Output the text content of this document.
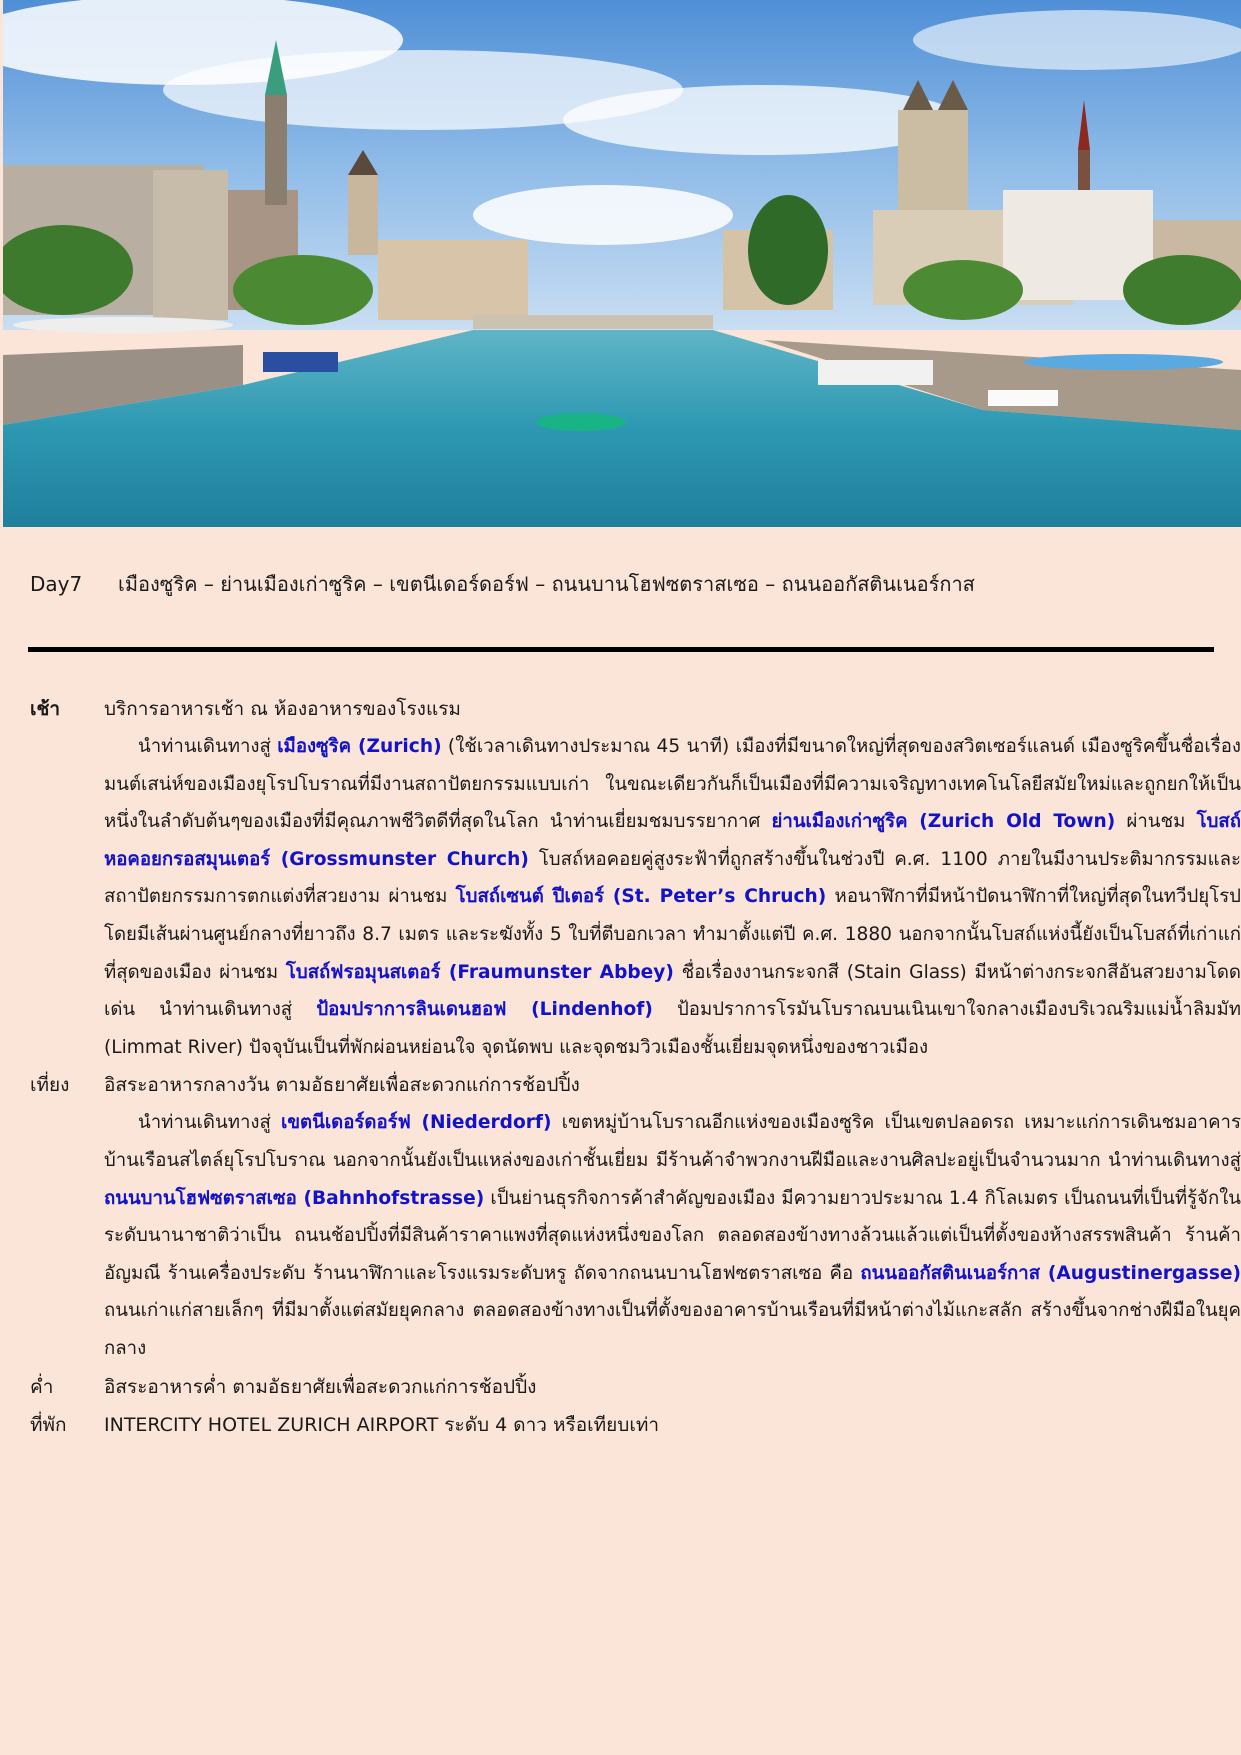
Day7 เมืองซูริค – ย่านเมืองเก่าซูริค – เขตนีเดอร์ดอร์ฟ – ถนนบานโฮฟซตราสเซอ – ถนนออกัสตินเนอร์กาส
เช้า	บริการอาหารเช้า ณ ห้องอาหารของโรงแรม
นำท่านเดินทางสู่ เมืองซูริค (Zurich) (ใช้เวลาเดินทางประมาณ 45 นาที) เมืองที่มีขนาดใหญ่ที่สุดของสวิตเซอร์แลนด์ เมืองซูริคขึ้นชื่อเรื่องมนต์เสน่ห์ของเมืองยุโรปโบราณที่มีงานสถาปัตยกรรมแบบเก่า ในขณะเดียวกันก็เป็นเมืองที่มีความเจริญทางเทคโนโลยีสมัยใหม่และถูกยกให้เป็นหนึ่งในลำดับต้นๆของเมืองที่มีคุณภาพชีวิตดีที่สุดในโลก นำท่านเยี่ยมชมบรรยากาศ ย่านเมืองเก่าซูริค (Zurich Old Town) ผ่านชม โบสถ์หอคอยกรอสมุนเตอร์ (Grossmunster Church) โบสถ์หอคอยคู่สูงระฟ้าที่ถูกสร้างขึ้นในช่วงปี ค.ศ. 1100 ภายในมีงานประติมากรรมและสถาปัตยกรรมการตกแต่งที่สวยงาม ผ่านชม โบสถ์เซนต์ ปีเตอร์ (St. Peter’s Chruch) หอนาฬิกาที่มีหน้าปัดนาฬิกาที่ใหญ่ที่สุดในทวีปยุโรป โดยมีเส้นผ่านศูนย์กลางที่ยาวถึง 8.7 เมตร และระฆังทั้ง 5 ใบที่ตีบอกเวลา ทำมาตั้งแต่ปี ค.ศ. 1880 นอกจากนั้นโบสถ์แห่งนี้ยังเป็นโบสถ์ที่เก่าแก่ที่สุดของเมือง ผ่านชม โบสถ์ฟรอมุนสเตอร์ (Fraumunster Abbey) ชื่อเรื่องงานกระจกสี (Stain Glass) มีหน้าต่างกระจกสีอันสวยงามโดดเด่น นำท่านเดินทางสู่ ป้อมปราการลินเดนฮอฟ (Lindenhof) ป้อมปราการโรมันโบราณบนเนินเขาใจกลางเมืองบริเวณริมแม่น้ำลิมมัท (Limmat River) ปัจจุบันเป็นที่พักผ่อนหย่อนใจ จุดนัดพบ และจุดชมวิวเมืองชั้นเยี่ยมจุดหนึ่งของชาวเมือง
เที่ยง	อิสระอาหารกลางวัน ตามอัธยาศัยเพื่อสะดวกแก่การช้อปปิ้ง
นำท่านเดินทางสู่ เขตนีเดอร์ดอร์ฟ (Niederdorf) เขตหมู่บ้านโบราณอีกแห่งของเมืองซูริค เป็นเขตปลอดรถ เหมาะแก่การเดินชมอาคารบ้านเรือนสไตล์ยุโรปโบราณ นอกจากนั้นยังเป็นแหล่งของเก่าชั้นเยี่ยม มีร้านค้าจำพวกงานฝีมือและงานศิลปะอยู่เป็นจำนวนมาก นำท่านเดินทางสู่ ถนนบานโฮฟซตราสเซอ (Bahnhofstrasse) เป็นย่านธุรกิจการค้าสำคัญของเมือง มีความยาวประมาณ 1.4 กิโลเมตร เป็นถนนที่เป็นที่รู้จักในระดับนานาชาติว่าเป็น ถนนช้อปปิ้งที่มีสินค้าราคาแพงที่สุดแห่งหนึ่งของโลก ตลอดสองข้างทางล้วนแล้วแต่เป็นที่ตั้งของห้างสรรพสินค้า ร้านค้าอัญมณี ร้านเครื่องประดับ ร้านนาฬิกาและโรงแรมระดับหรู ถัดจากถนนบานโฮฟซตราสเซอ คือ ถนนออกัสตินเนอร์กาส (Augustinergasse) ถนนเก่าแก่สายเล็กๆ ที่มีมาตั้งแต่สมัยยุคกลาง ตลอดสองข้างทางเป็นที่ตั้งของอาคารบ้านเรือนที่มีหน้าต่างไม้แกะสลัก สร้างขึ้นจากช่างฝีมือในยุคกลาง
ค่ำ	อิสระอาหารค่ำ ตามอัธยาศัยเพื่อสะดวกแก่การช้อปปิ้ง
ที่พัก	INTERCITY HOTEL ZURICH AIRPORT ระดับ 4 ดาว หรือเทียบเท่า
